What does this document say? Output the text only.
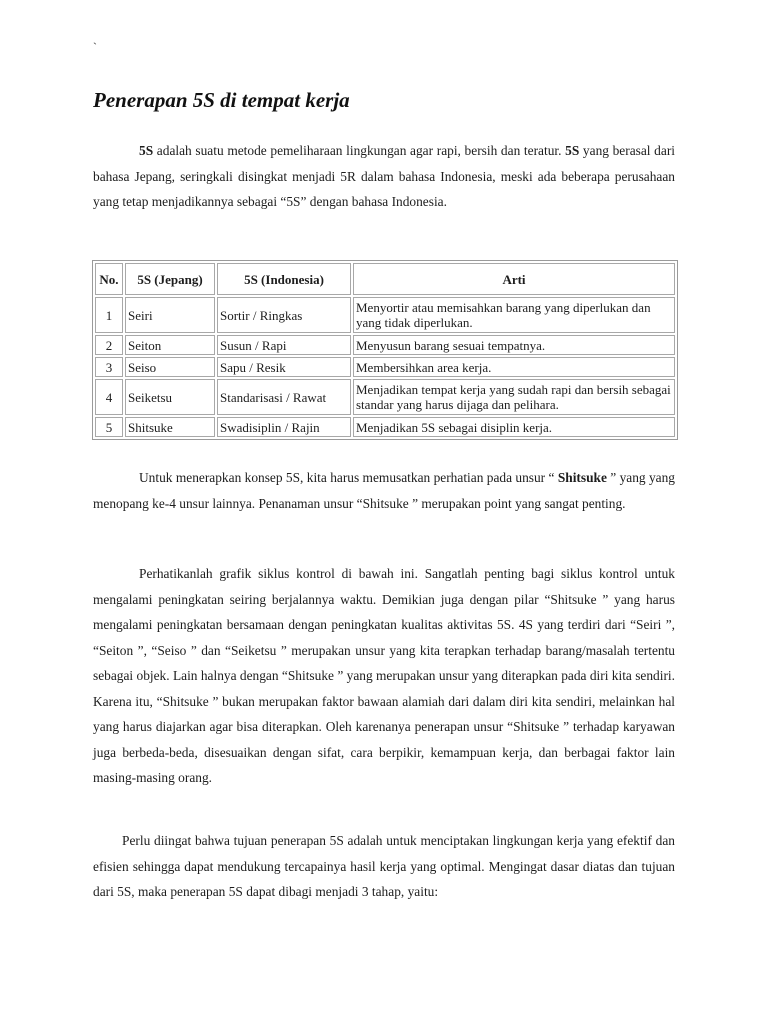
`
Penerapan 5S di tempat kerja

5S adalah suatu metode pemeliharaan lingkungan agar rapi, bersih dan teratur. 5S yang berasal dari bahasa Jepang, seringkali disingkat menjadi 5R dalam bahasa Indonesia, meski ada beberapa perusahaan yang tetap menjadikannya sebagai “5S” dengan bahasa Indonesia.

No.	5S (Jepang)	5S (Indonesia)	Arti
1	Seiri	Sortir / Ringkas	Menyortir atau memisahkan barang yang diperlukan dan yang tidak diperlukan.
2	Seiton	Susun / Rapi	Menyusun barang sesuai tempatnya.
3	Seiso	Sapu / Resik	Membersihkan area kerja.
4	Seiketsu	Standarisasi / Rawat	Menjadikan tempat kerja yang sudah rapi dan bersih sebagai standar yang harus dijaga dan pelihara.
5	Shitsuke	Swadisiplin / Rajin	Menjadikan 5S sebagai disiplin kerja.

Untuk menerapkan konsep 5S, kita harus memusatkan perhatian pada unsur “ Shitsuke ” yang yang menopang ke-4 unsur lainnya. Penanaman unsur “Shitsuke ” merupakan point yang sangat penting.

Perhatikanlah grafik siklus kontrol di bawah ini. Sangatlah penting bagi siklus kontrol untuk mengalami peningkatan seiring berjalannya waktu. Demikian juga dengan pilar “Shitsuke ” yang harus mengalami peningkatan bersamaan dengan peningkatan kualitas aktivitas 5S. 4S yang terdiri dari “Seiri ”, “Seiton ”, “Seiso ” dan “Seiketsu ” merupakan unsur yang kita terapkan terhadap barang/masalah tertentu sebagai objek. Lain halnya dengan “Shitsuke ” yang merupakan unsur yang diterapkan pada diri kita sendiri. Karena itu, “Shitsuke ” bukan merupakan faktor bawaan alamiah dari dalam diri kita sendiri, melainkan hal yang harus diajarkan agar bisa diterapkan. Oleh karenanya penerapan unsur “Shitsuke ” terhadap karyawan juga berbeda-beda, disesuaikan dengan sifat, cara berpikir, kemampuan kerja, dan berbagai faktor lain masing-masing orang.

Perlu diingat bahwa tujuan penerapan 5S adalah untuk menciptakan lingkungan kerja yang efektif dan efisien sehingga dapat mendukung tercapainya hasil kerja yang optimal. Mengingat dasar diatas dan tujuan dari 5S, maka penerapan 5S dapat dibagi menjadi 3 tahap, yaitu:
